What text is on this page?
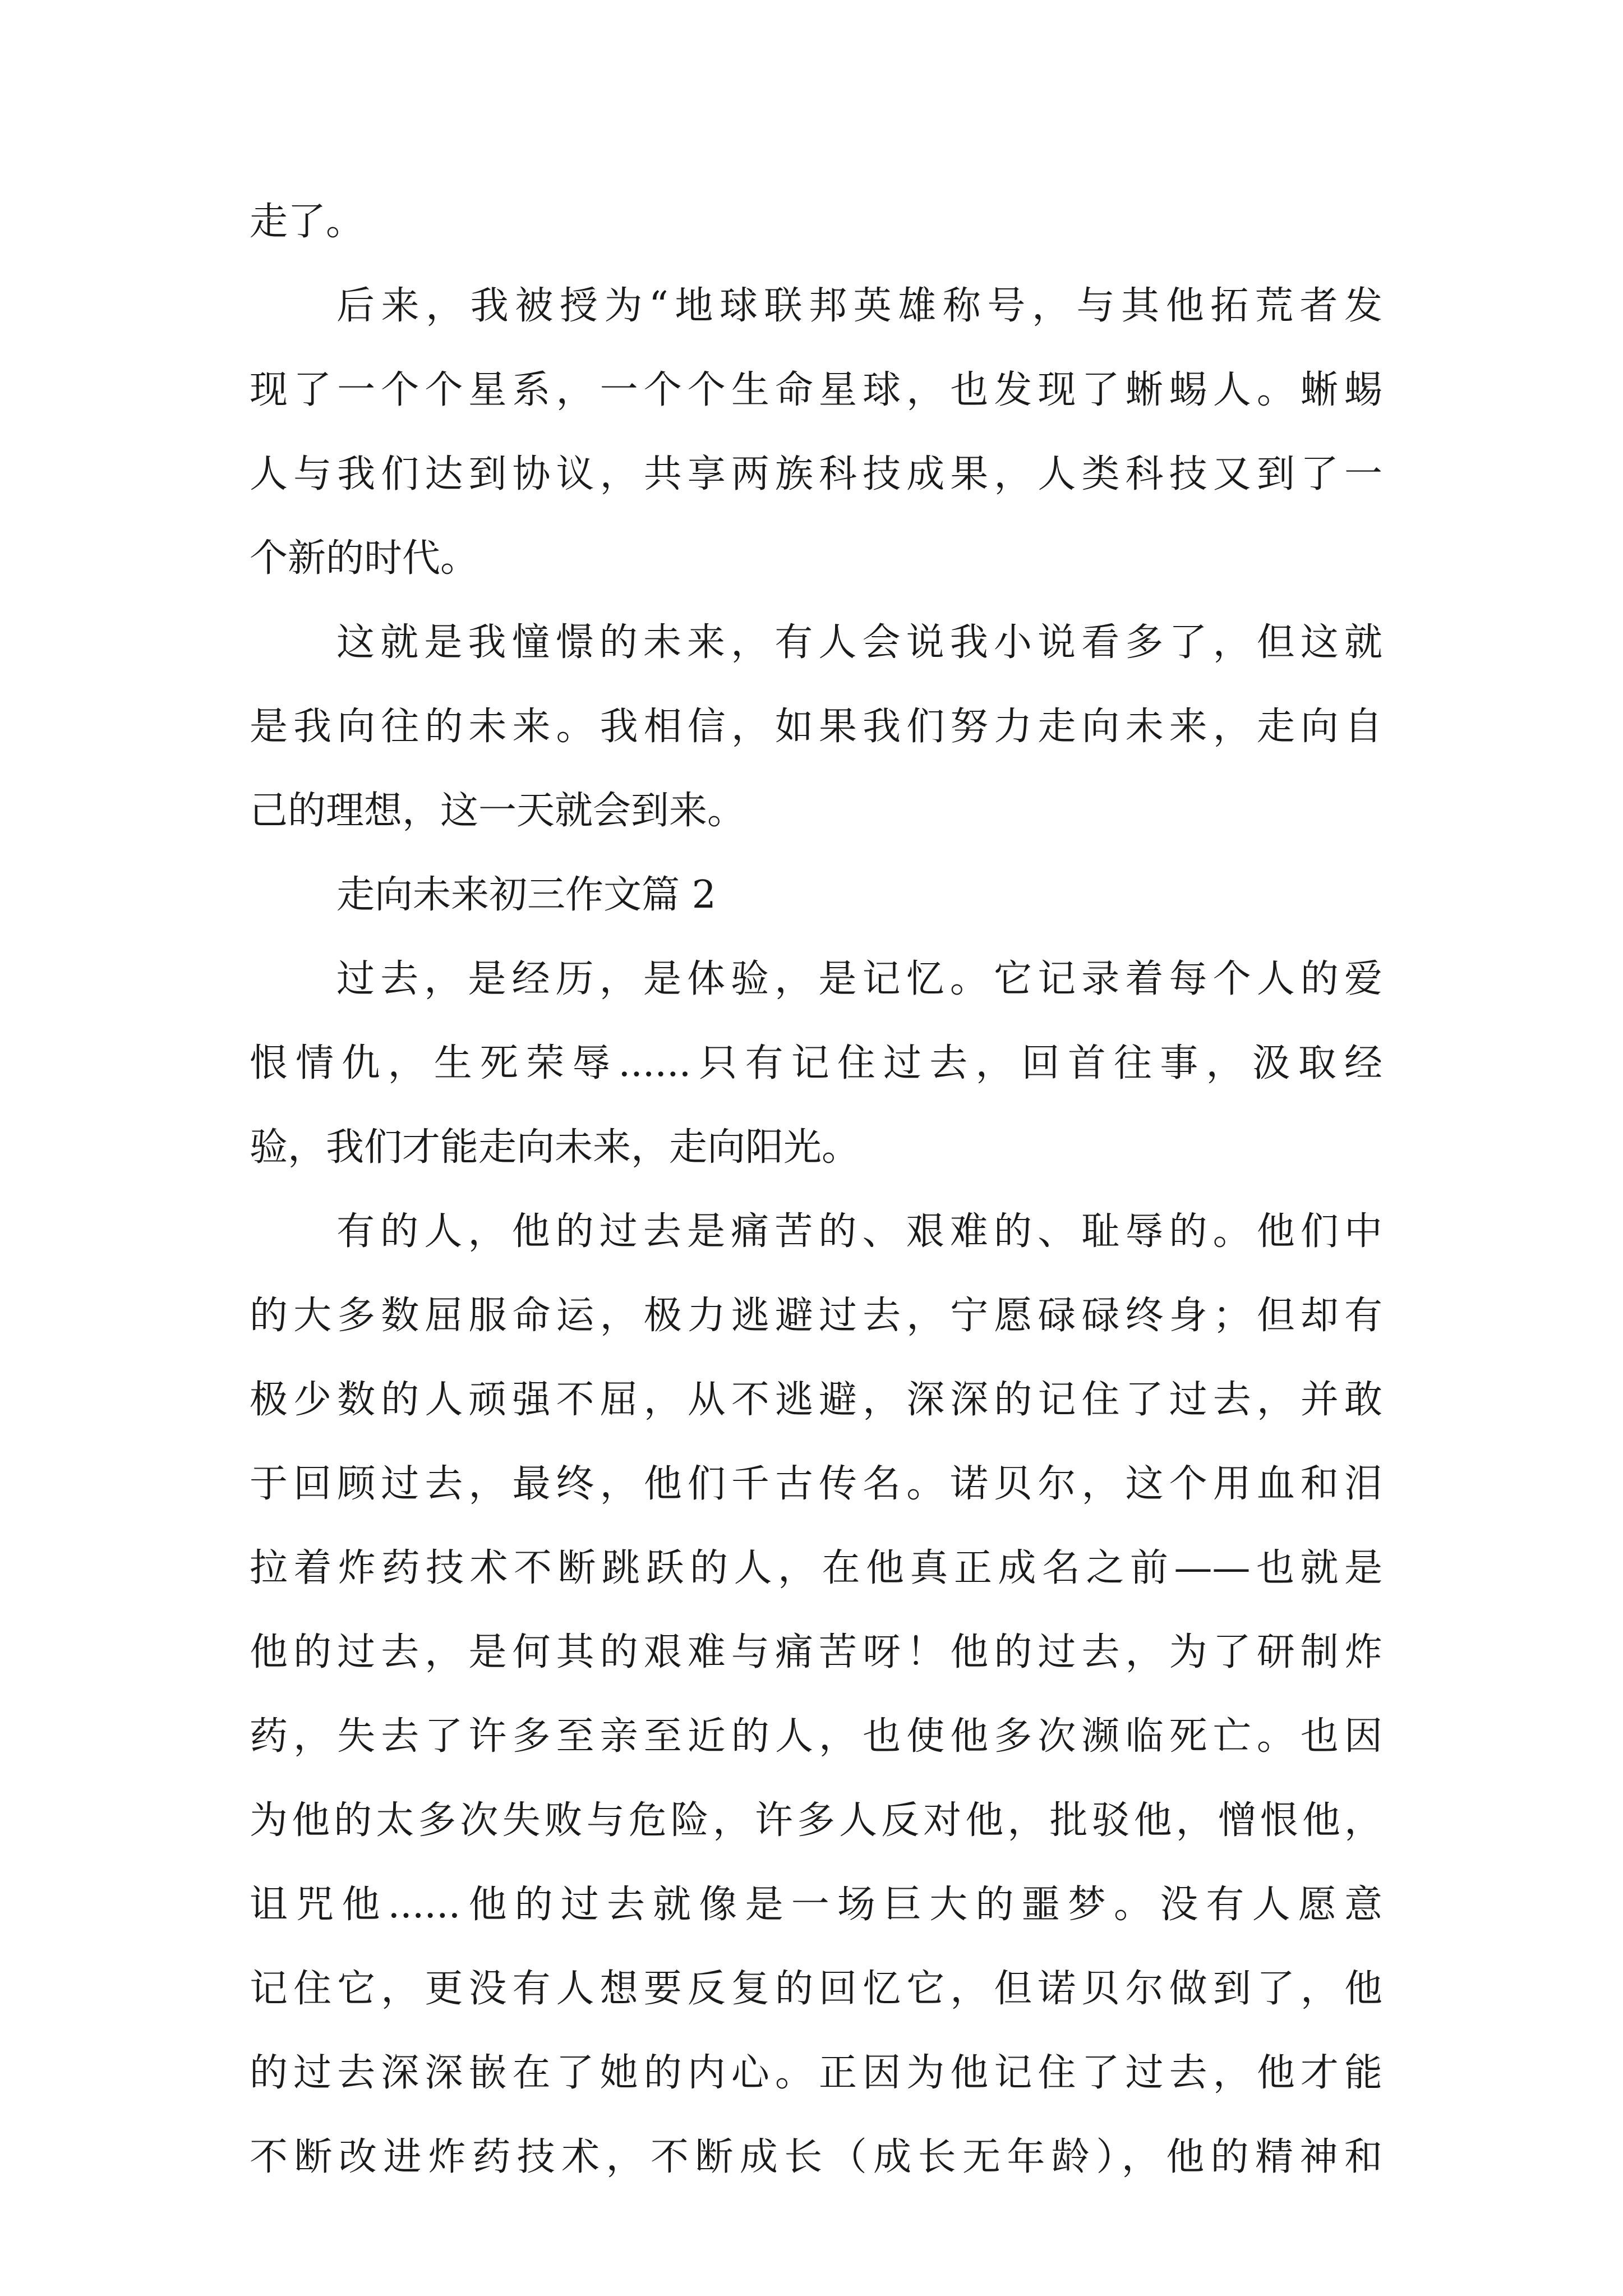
走了。
后来，我被授为“地球联邦英雄称号，与其他拓荒者发
现了一个个星系，一个个生命星球，也发现了蜥蜴人。蜥蜴
人与我们达到协议，共享两族科技成果，人类科技又到了一
个新的时代。
这就是我憧憬的未来，有人会说我小说看多了，但这就
是我向往的未来。我相信，如果我们努力走向未来，走向自
己的理想，这一天就会到来。
走向未来初三作文篇 2
过去，是经历，是体验，是记忆。它记录着每个人的爱
恨情仇，生死荣辱......只有记住过去，回首往事，汲取经
验，我们才能走向未来，走向阳光。
有的人，他的过去是痛苦的、艰难的、耻辱的。他们中
的大多数屈服命运，极力逃避过去，宁愿碌碌终身；但却有
极少数的人顽强不屈，从不逃避，深深的记住了过去，并敢
于回顾过去，最终，他们千古传名。诺贝尔，这个用血和泪
拉着炸药技术不断跳跃的人，在他真正成名之前——也就是
他的过去，是何其的艰难与痛苦呀！他的过去，为了研制炸
药，失去了许多至亲至近的人，也使他多次濒临死亡。也因
为他的太多次失败与危险，许多人反对他，批驳他，憎恨他，
诅咒他......他的过去就像是一场巨大的噩梦。没有人愿意
记住它，更没有人想要反复的回忆它，但诺贝尔做到了，他
的过去深深嵌在了她的内心。正因为他记住了过去，他才能
不断改进炸药技术，不断成长（成长无年龄），他的精神和
